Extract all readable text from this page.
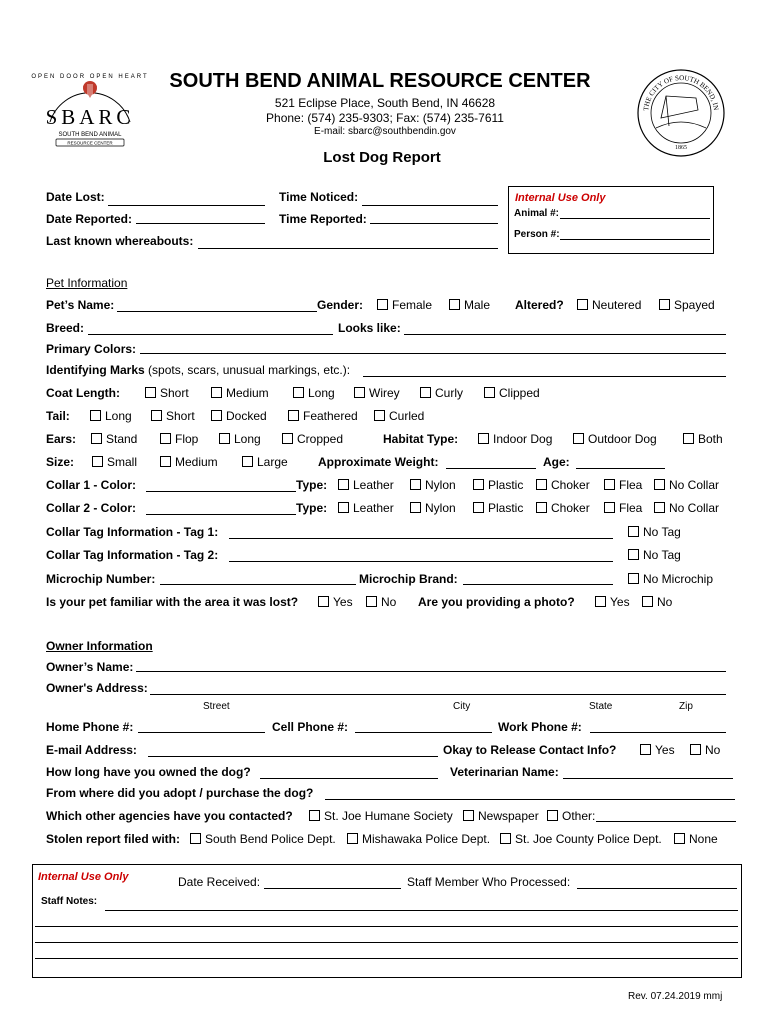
OPEN DOOR OPEN HEART
SBARC
SOUTH BEND ANIMAL
RESOURCE CENTER
THE CITY OF SOUTH BEND, IN
1865
SOUTH BEND ANIMAL RESOURCE CENTER
521 Eclipse Place, South Bend, IN 46628
Phone: (574) 235-9303; Fax: (574) 235-7611
E-mail: sbarc@southbendin.gov
Lost Dog Report
Date Lost:	Time Noticed:
Date Reported:	Time Reported:
Last known whereabouts:
Internal Use Only
Animal #:
Person #:
Pet Information
Pet’s Name:	Gender:	Female	Male Altered?	Neutered	Spayed
Breed:	Looks like:
Primary Colors:
Identifying Marks (spots, scars, unusual markings, etc.):
Coat Length:	Short	Medium	Long	Wirey	Curly	Clipped
Tail:	Long	Short	Docked	Feathered	Curled
Ears:	Stand	Flop	Long	Cropped	Habitat Type:	Indoor Dog	Outdoor Dog	Both
Size:	Small	Medium	Large	Approximate Weight:	Age:
Collar 1 - Color:	Type:	Leather	Nylon	Plastic	Choker	Flea	No Collar
Collar 2 - Color:	Type:	Leather	Nylon	Plastic	Choker	Flea	No Collar
Collar Tag Information - Tag 1:	No Tag
Collar Tag Information - Tag 2:	No Tag
Microchip Number:	Microchip Brand:	No Microchip
Is your pet familiar with the area it was lost?	Yes	No Are you providing a photo?	Yes	No
Owner Information
Owner’s Name:
Owner's Address:
Street	City	State	Zip
Home Phone #:	Cell Phone #:	Work Phone #:
E-mail Address:	Okay to Release Contact Info?	Yes	No
How long have you owned the dog?	Veterinarian Name:
From where did you adopt / purchase the dog?
Which other agencies have you contacted?	St. Joe Humane Society	Newspaper	Other:
Stolen report filed with:	South Bend Police Dept.	Mishawaka Police Dept.	St. Joe County Police Dept.	None
Internal Use Only	Date Received:	Staff Member Who Processed:
Staff Notes:
Rev. 07.24.2019 mmj
